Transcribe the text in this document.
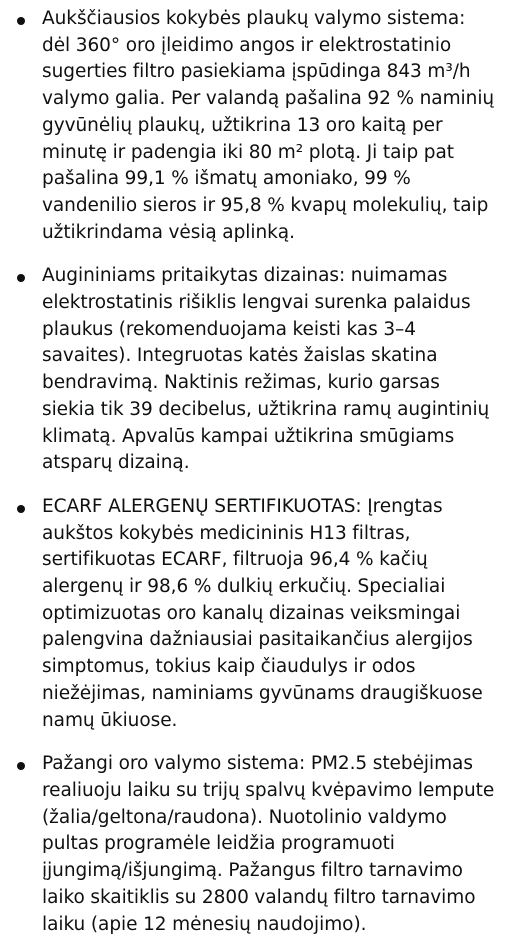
Aukščiausios kokybės plaukų valymo sistema: dėl 360° oro įleidimo angos ir elektrostatinio sugerties filtro pasiekiama įspūdinga 843 m³/h valymo galia. Per valandą pašalina 92 % naminių gyvūnėlių plaukų, užtikrina 13 oro kaitą per minutę ir padengia iki 80 m² plotą. Ji taip pat pašalina 99,1 % išmatų amoniako, 99 % vandenilio sieros ir 95,8 % kvapų molekulių, taip užtikrindama vėsią aplinką.
Augininiams pritaikytas dizainas: nuimamas elektrostatinis rišiklis lengvai surenka palaidus plaukus (rekomenduojama keisti kas 3–4 savaites). Integruotas katės žaislas skatina bendravimą. Naktinis režimas, kurio garsas siekia tik 39 decibelus, užtikrina ramų augintinių klimatą. Apvalūs kampai užtikrina smūgiams atsparų dizainą.
ECARF ALERGENŲ SERTIFIKUOTAS: Įrengtas aukštos kokybės medicininis H13 filtras, sertifikuotas ECARF, filtruoja 96,4 % kačių alergenų ir 98,6 % dulkių erkučių. Specialiai optimizuotas oro kanalų dizainas veiksmingai palengvina dažniausiai pasitaikančius alergijos simptomus, tokius kaip čiaudulys ir odos niežėjimas, naminiams gyvūnams draugiškuose namų ūkiuose.
Pažangi oro valymo sistema: PM2.5 stebėjimas realiuoju laiku su trijų spalvų kvėpavimo lempute (žalia/geltona/raudona). Nuotolinio valdymo pultas programėle leidžia programuoti įjungimą/išjungimą. Pažangus filtro tarnavimo laiko skaitiklis su 2800 valandų filtro tarnavimo laiku (apie 12 mėnesių naudojimo).
